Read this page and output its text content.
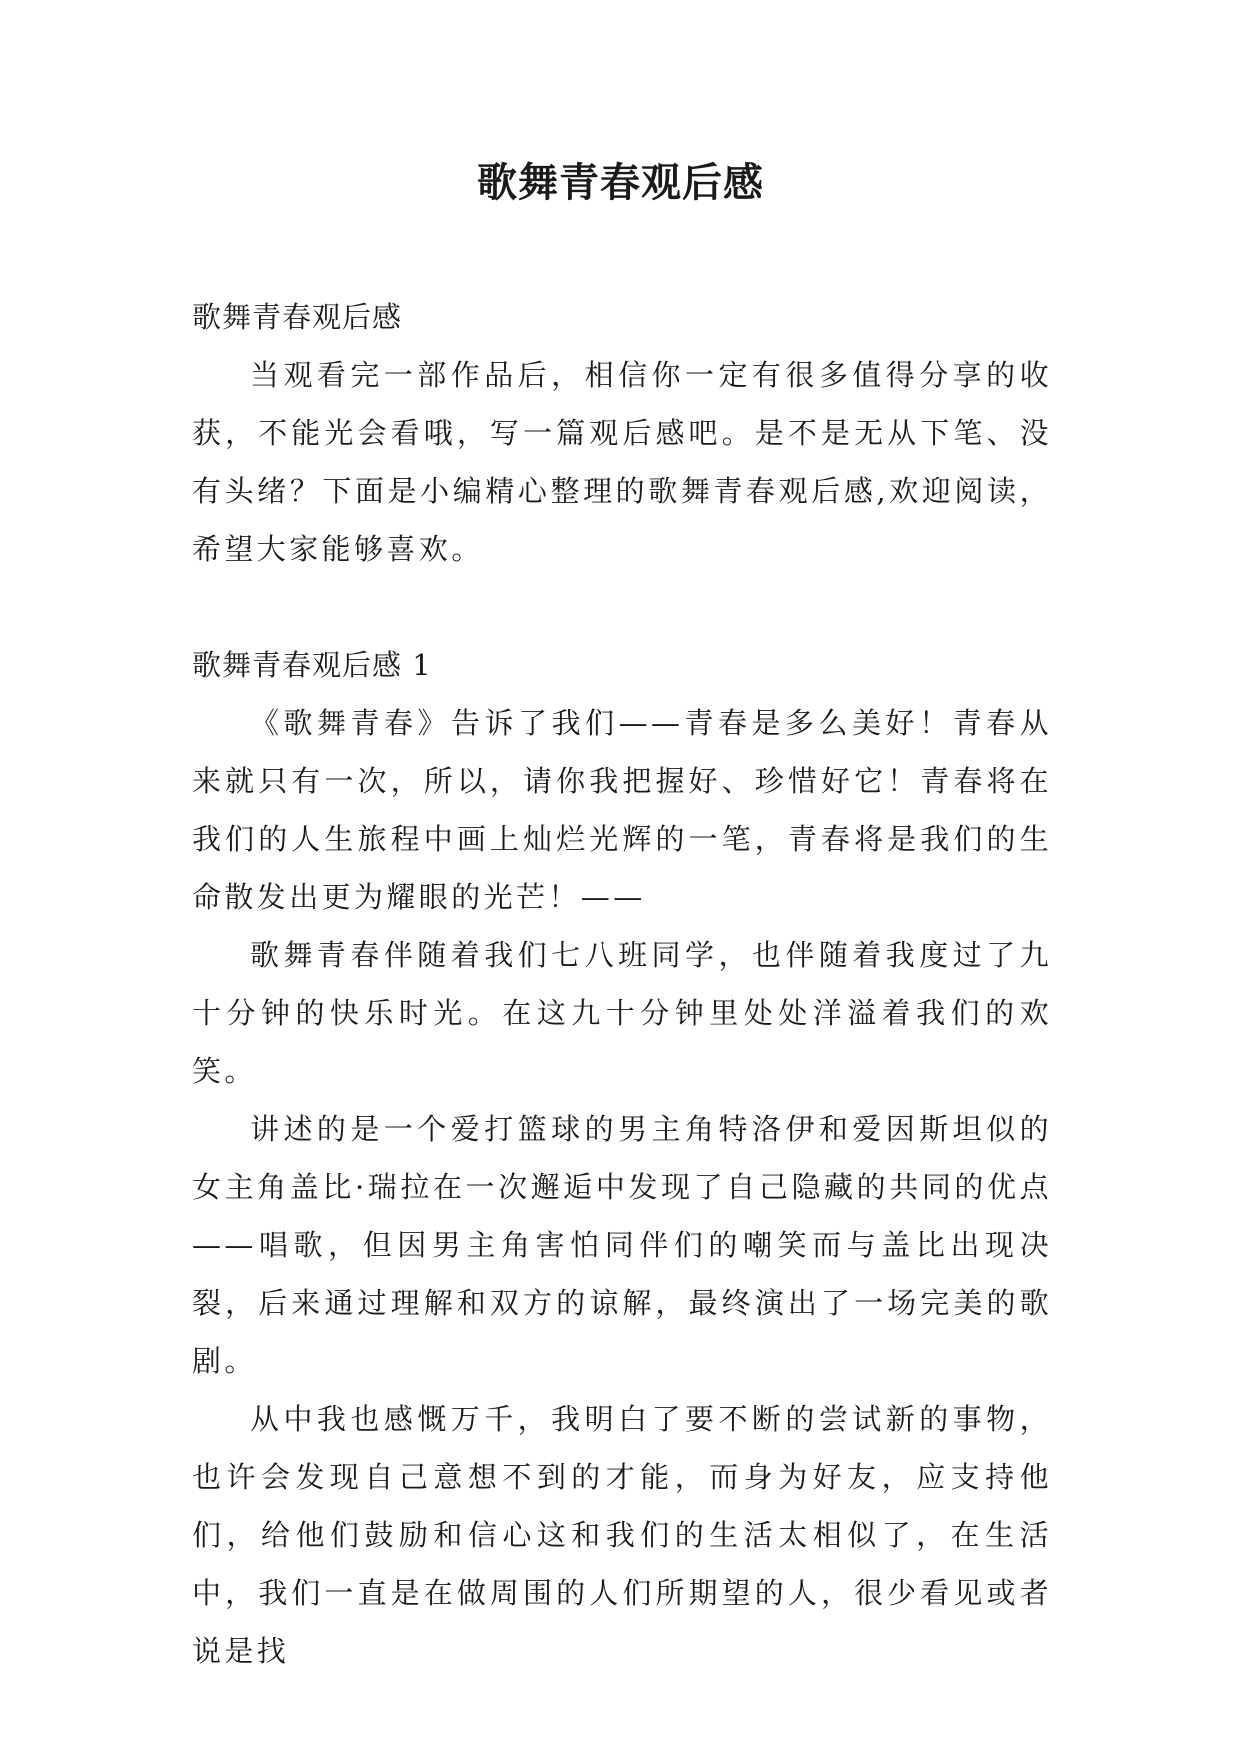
歌舞青春观后感

歌舞青春观后感

当观看完一部作品后，相信你一定有很多值得分享的收获，不能光会看哦，写一篇观后感吧。是不是无从下笔、没有头绪？下面是小编精心整理的歌舞青春观后感,欢迎阅读，希望大家能够喜欢。

歌舞青春观后感 1

《歌舞青春》告诉了我们——青春是多么美好！青春从来就只有一次，所以，请你我把握好、珍惜好它！青春将在我们的人生旅程中画上灿烂光辉的一笔，青春将是我们的生命散发出更为耀眼的光芒！——

歌舞青春伴随着我们七八班同学，也伴随着我度过了九十分钟的快乐时光。在这九十分钟里处处洋溢着我们的欢笑。

讲述的是一个爱打篮球的男主角特洛伊和爱因斯坦似的女主角盖比·瑞拉在一次邂逅中发现了自己隐藏的共同的优点——唱歌，但因男主角害怕同伴们的嘲笑而与盖比出现决裂，后来通过理解和双方的谅解，最终演出了一场完美的歌剧。

从中我也感慨万千，我明白了要不断的尝试新的事物，也许会发现自己意想不到的才能，而身为好友，应支持他们，给他们鼓励和信心这和我们的生活太相似了，在生活中，我们一直是在做周围的人们所期望的人，很少看见或者说是找
